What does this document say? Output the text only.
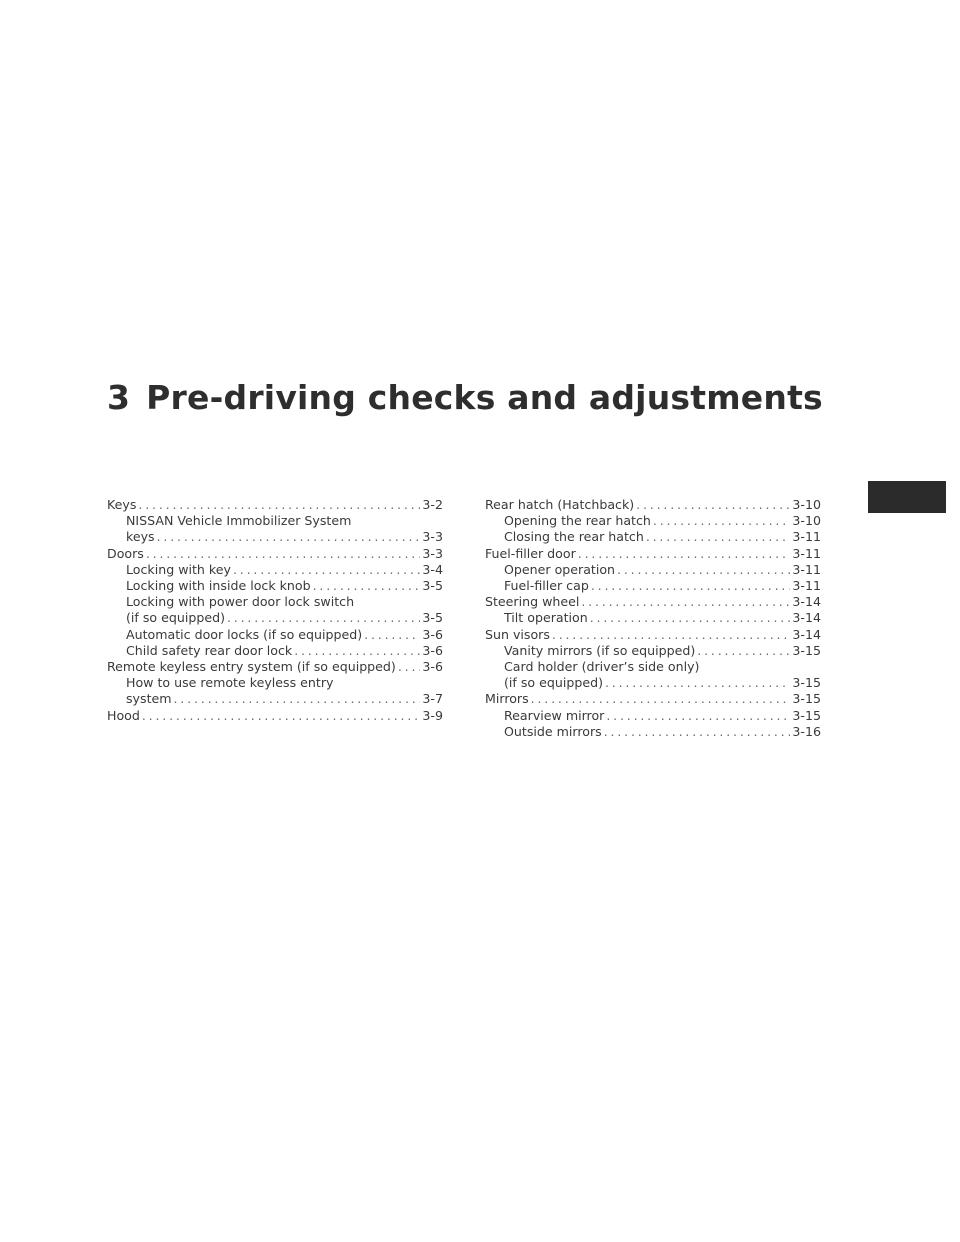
3 Pre-driving checks and adjustments
Keys . . .	3-2
NISSAN Vehicle Immobilizer System
keys . . .	3-3
Doors . . .	3-3
Locking with key . . .	3-4
Locking with inside lock knob . . .	3-5
Locking with power door lock switch
(if so equipped) . . .	3-5
Automatic door locks (if so equipped) . . .	3-6
Child safety rear door lock . . .	3-6
Remote keyless entry system (if so equipped) . . . 3-6
How to use remote keyless entry
system . . .	3-7
Hood . . .	3-9
Rear hatch (Hatchback) . . .	3-10
Opening the rear hatch . . .	3-10
Closing the rear hatch . . .	3-11
Fuel-filler door . . .	3-11
Opener operation . . .	3-11
Fuel-filler cap . . .	3-11
Steering wheel . . .	3-14
Tilt operation . . .	3-14
Sun visors . . .	3-14
Vanity mirrors (if so equipped) . . .	3-15
Card holder (driver’s side only)
(if so equipped) . . .	3-15
Mirrors . . .	3-15
Rearview mirror . . .	3-15
Outside mirrors . . .	3-16
